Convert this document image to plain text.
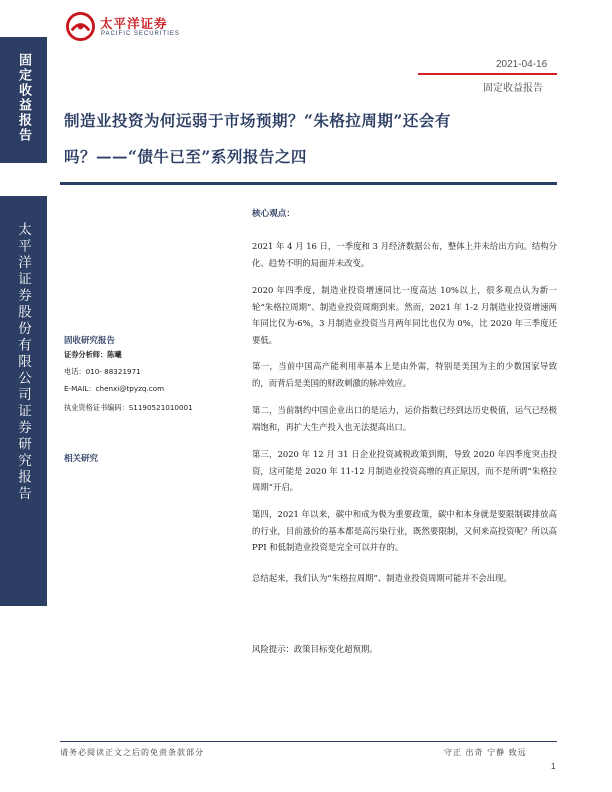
固定收益报告
太平洋证券股份有限公司证券研究报告
太平洋证券
PACIFIC SECURITIES
2021-04-16
固定收益报告
制造业投资为何远弱于市场预期？“朱格拉周期”还会有
吗？——“债牛已至”系列报告之四
固收研究报告
证券分析师：陈曦
电话：010- 88321971
E-MAIL：chenxi@tpyzq.com
执业资格证书编码：S1190521010001
相关研究
核心观点：
2021 年 4 月 16 日，一季度和 3 月经济数据公布，整体上并未给出方向。结构分化、趋势不明的局面并未改变。
2020 年四季度，制造业投资增速同比一度高达 10%以上，很多观点认为新一轮“朱格拉周期”、制造业投资周期到来。然而，2021 年 1-2 月制造业投资增速两年同比仅为-6%，3 月制造业投资当月两年同比也仅为 0%，比 2020 年三季度还要低。
第一，当前中国高产能利用率基本上是由外需，特别是美国为主的少数国家导致的，而背后是美国的财政刺激的脉冲效应。
第二，当前制约中国企业出口的是运力，运价指数已经到达历史极值，运气已经极端饱和，再扩大生产投入也无法提高出口。
第三，2020 年 12 月 31 日企业投资减税政策到期，导致 2020 年四季度突击投资，这可能是 2020 年 11-12 月制造业投资高增的真正原因，而不是所谓“朱格拉周期”开启。
第四，2021 年以来，碳中和成为极为重要政策，碳中和本身就是要限制碳排放高的行业，目前涨价的基本都是高污染行业，既然要限制，又何来高投资呢？所以高 PPI 和低制造业投资是完全可以并存的。
总结起来，我们认为“朱格拉周期”、制造业投资周期可能并不会出现。
风险提示：政策目标变化超预期。
请务必阅读正文之后的免责条款部分	守正 出奇 宁静 致远
1
